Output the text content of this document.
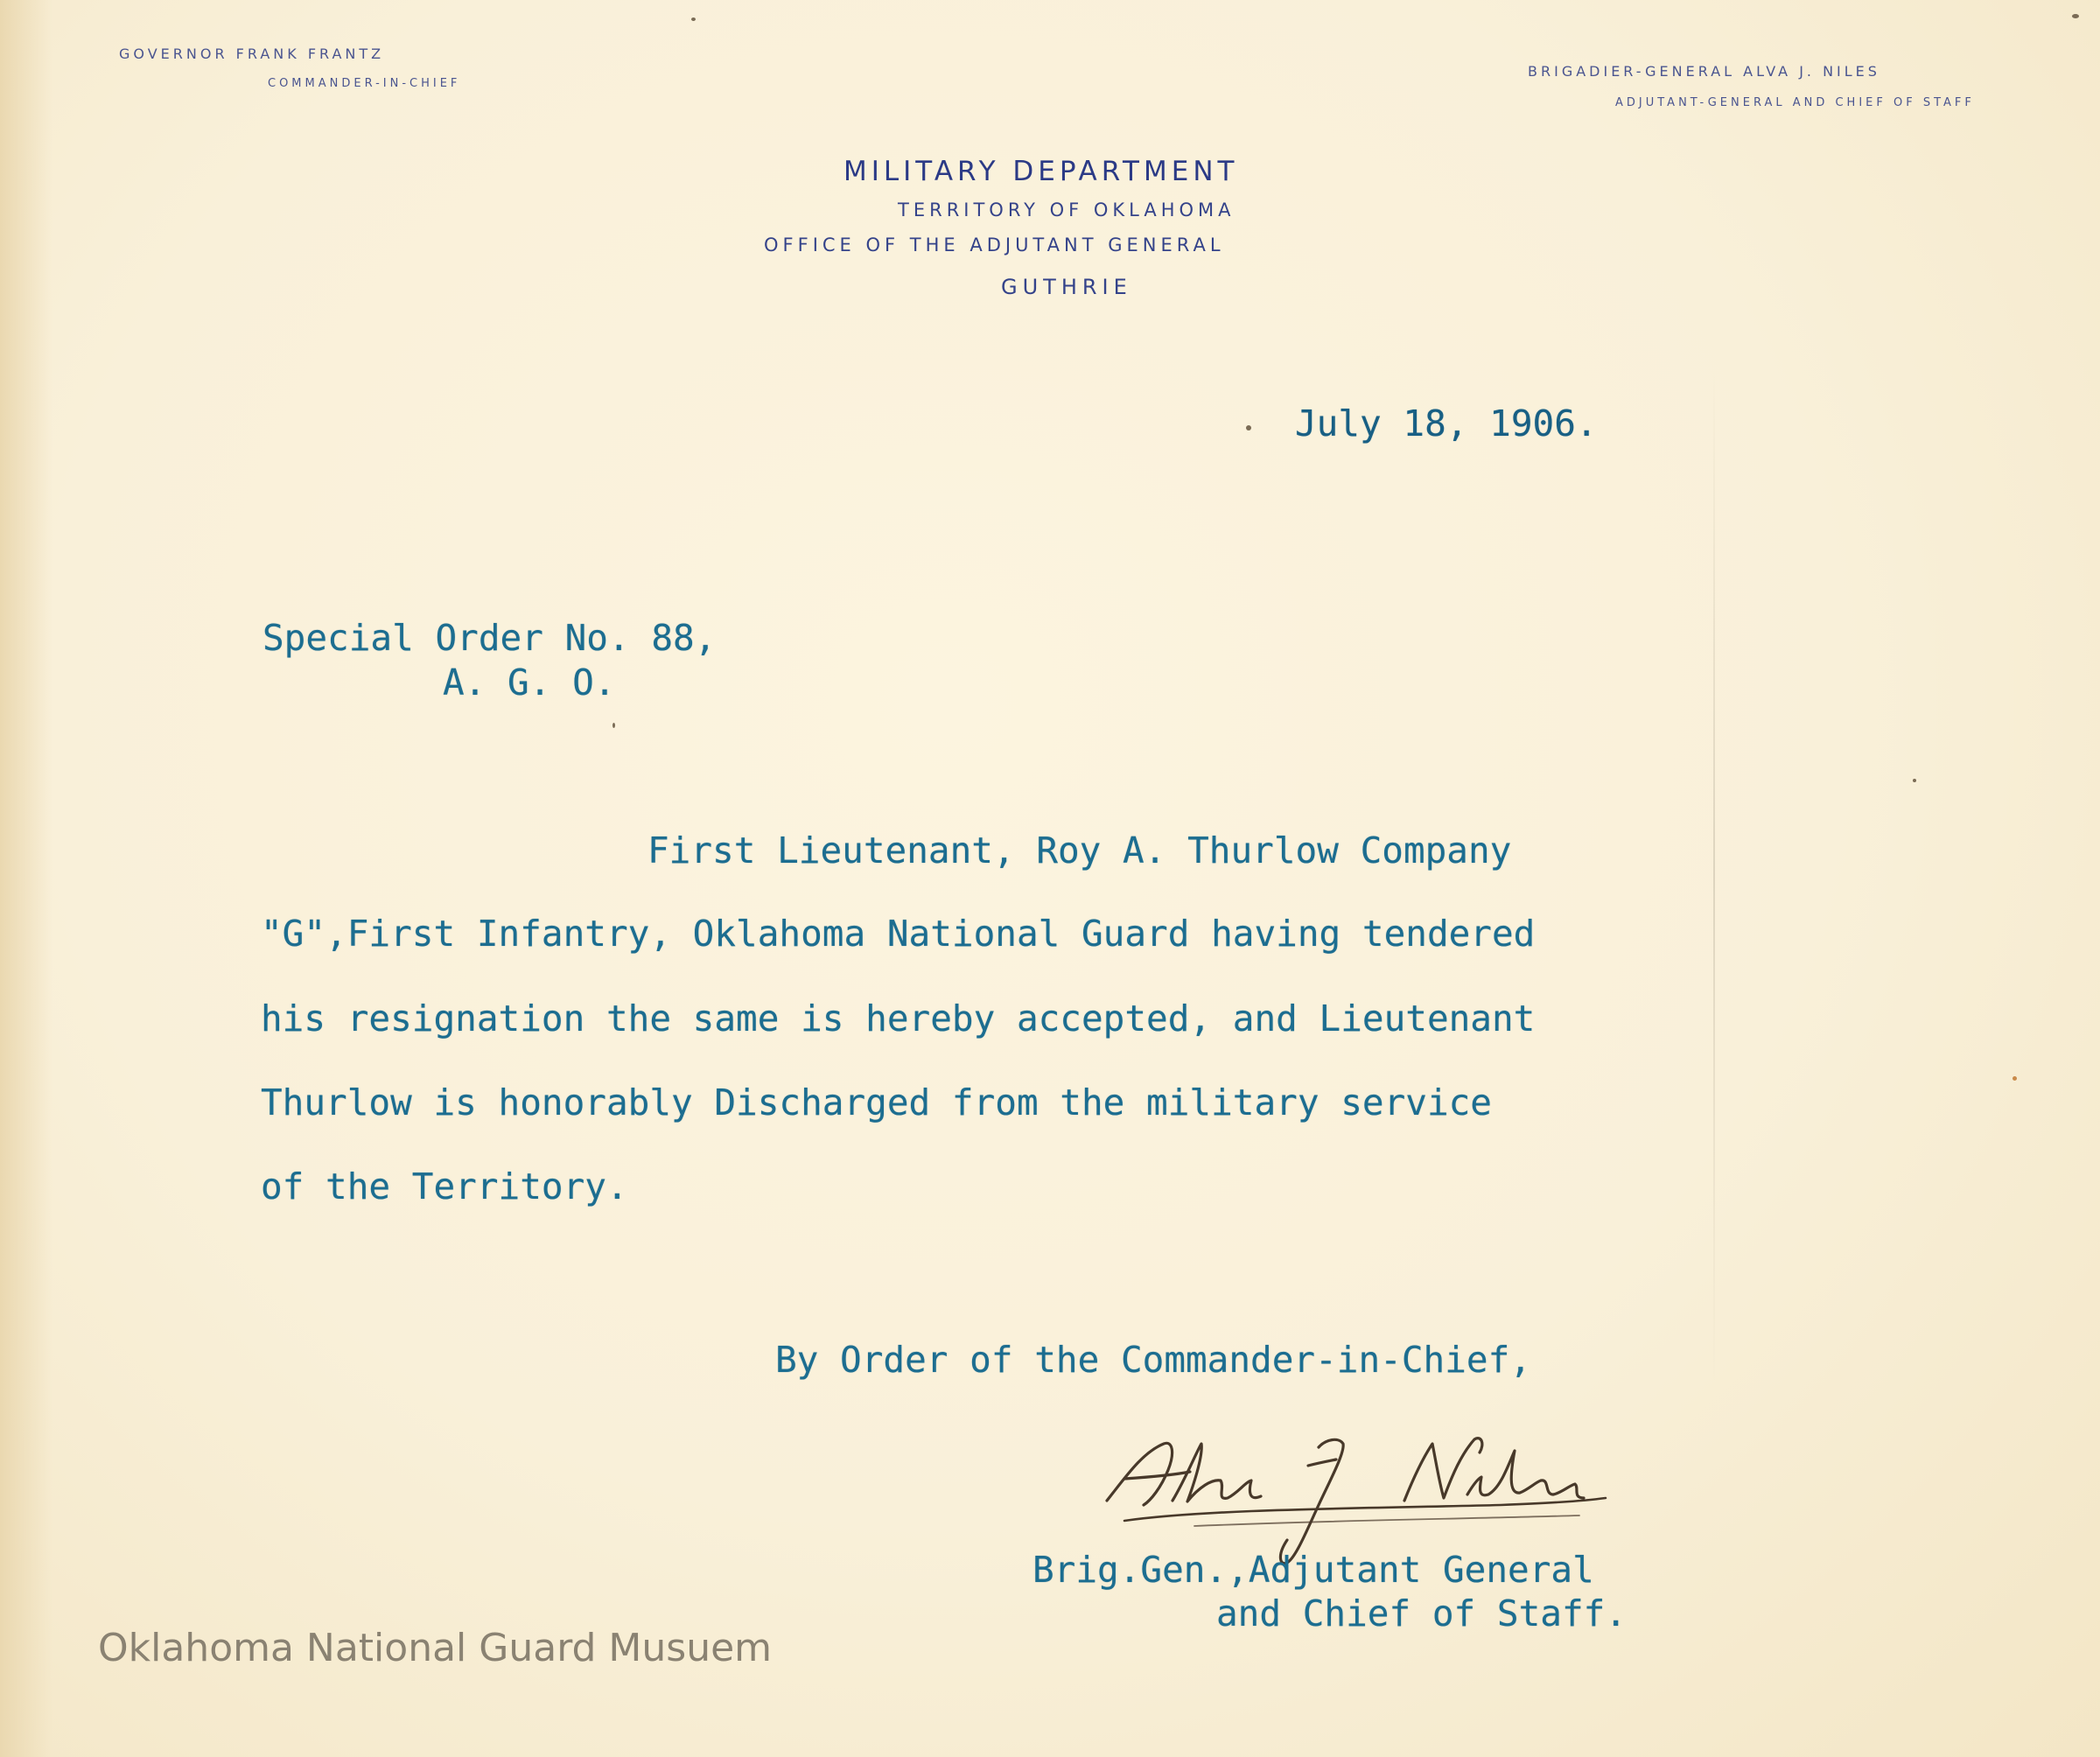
GOVERNOR FRANK FRANTZ
COMMANDER-IN-CHIEF
BRIGADIER-GENERAL ALVA J. NILES
ADJUTANT-GENERAL AND CHIEF OF STAFF
MILITARY DEPARTMENT
TERRITORY OF OKLAHOMA
OFFICE OF THE ADJUTANT GENERAL
GUTHRIE
July 18, 1906.
Special Order No. 88,
A. G. O.
First Lieutenant, Roy A. Thurlow Company
"G",First Infantry, Oklahoma National Guard having tendered
his resignation the same is hereby accepted, and Lieutenant
Thurlow is honorably Discharged from the military service
of the Territory.
By Order of the Commander-in-Chief,
Brig.Gen.,Adjutant General
and Chief of Staff.
Oklahoma National Guard Musuem
